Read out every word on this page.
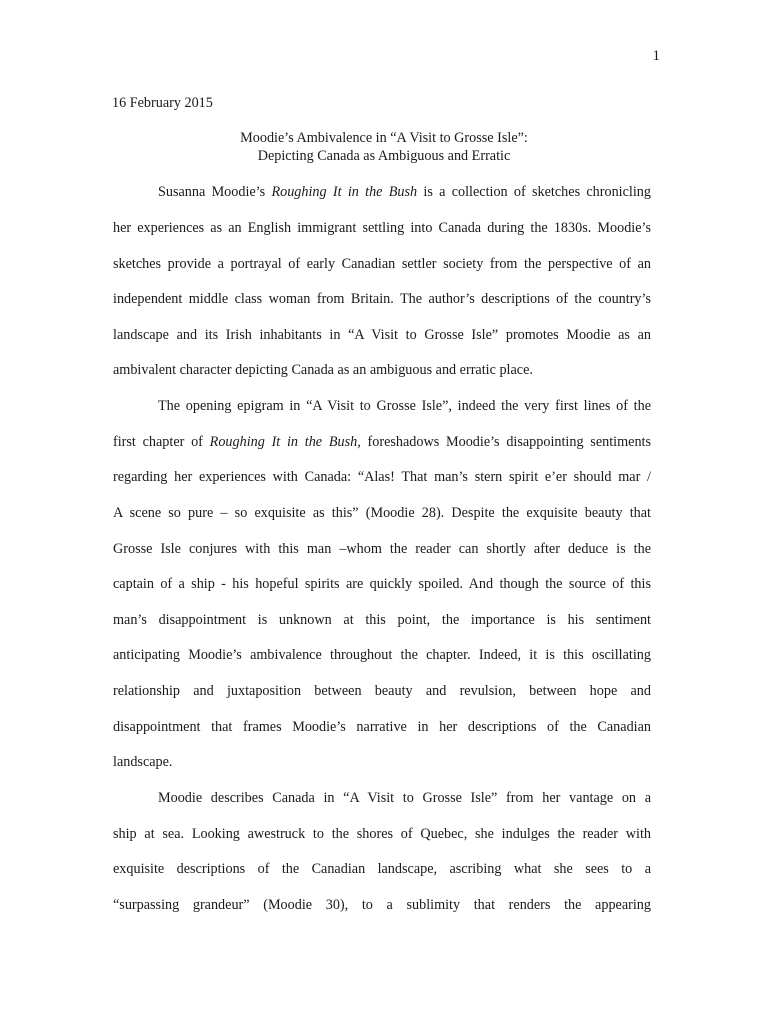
1
16 February 2015
Moodie’s Ambivalence in “A Visit to Grosse Isle”:
Depicting Canada as Ambiguous and Erratic
Susanna Moodie’s Roughing It in the Bush is a collection of sketches chronicling
her experiences as an English immigrant settling into Canada during the 1830s. Moodie’s
sketches provide a portrayal of early Canadian settler society from the perspective of an
independent middle class woman from Britain. The author’s descriptions of the country’s
landscape and its Irish inhabitants in “A Visit to Grosse Isle” promotes Moodie as an
ambivalent character depicting Canada as an ambiguous and erratic place.
The opening epigram in “A Visit to Grosse Isle”, indeed the very first lines of the
first chapter of Roughing It in the Bush, foreshadows Moodie’s disappointing sentiments
regarding her experiences with Canada: “Alas! That man’s stern spirit e’er should mar /
A scene so pure – so exquisite as this” (Moodie 28). Despite the exquisite beauty that
Grosse Isle conjures with this man –whom the reader can shortly after deduce is the
captain of a ship - his hopeful spirits are quickly spoiled. And though the source of this
man’s disappointment is unknown at this point, the importance is his sentiment
anticipating Moodie’s ambivalence throughout the chapter. Indeed, it is this oscillating
relationship and juxtaposition between beauty and revulsion, between hope and
disappointment that frames Moodie’s narrative in her descriptions of the Canadian
landscape.
Moodie describes Canada in “A Visit to Grosse Isle” from her vantage on a
ship at sea. Looking awestruck to the shores of Quebec, she indulges the reader with
exquisite descriptions of the Canadian landscape, ascribing what she sees to a
“surpassing grandeur” (Moodie 30), to a sublimity that renders the appearing
